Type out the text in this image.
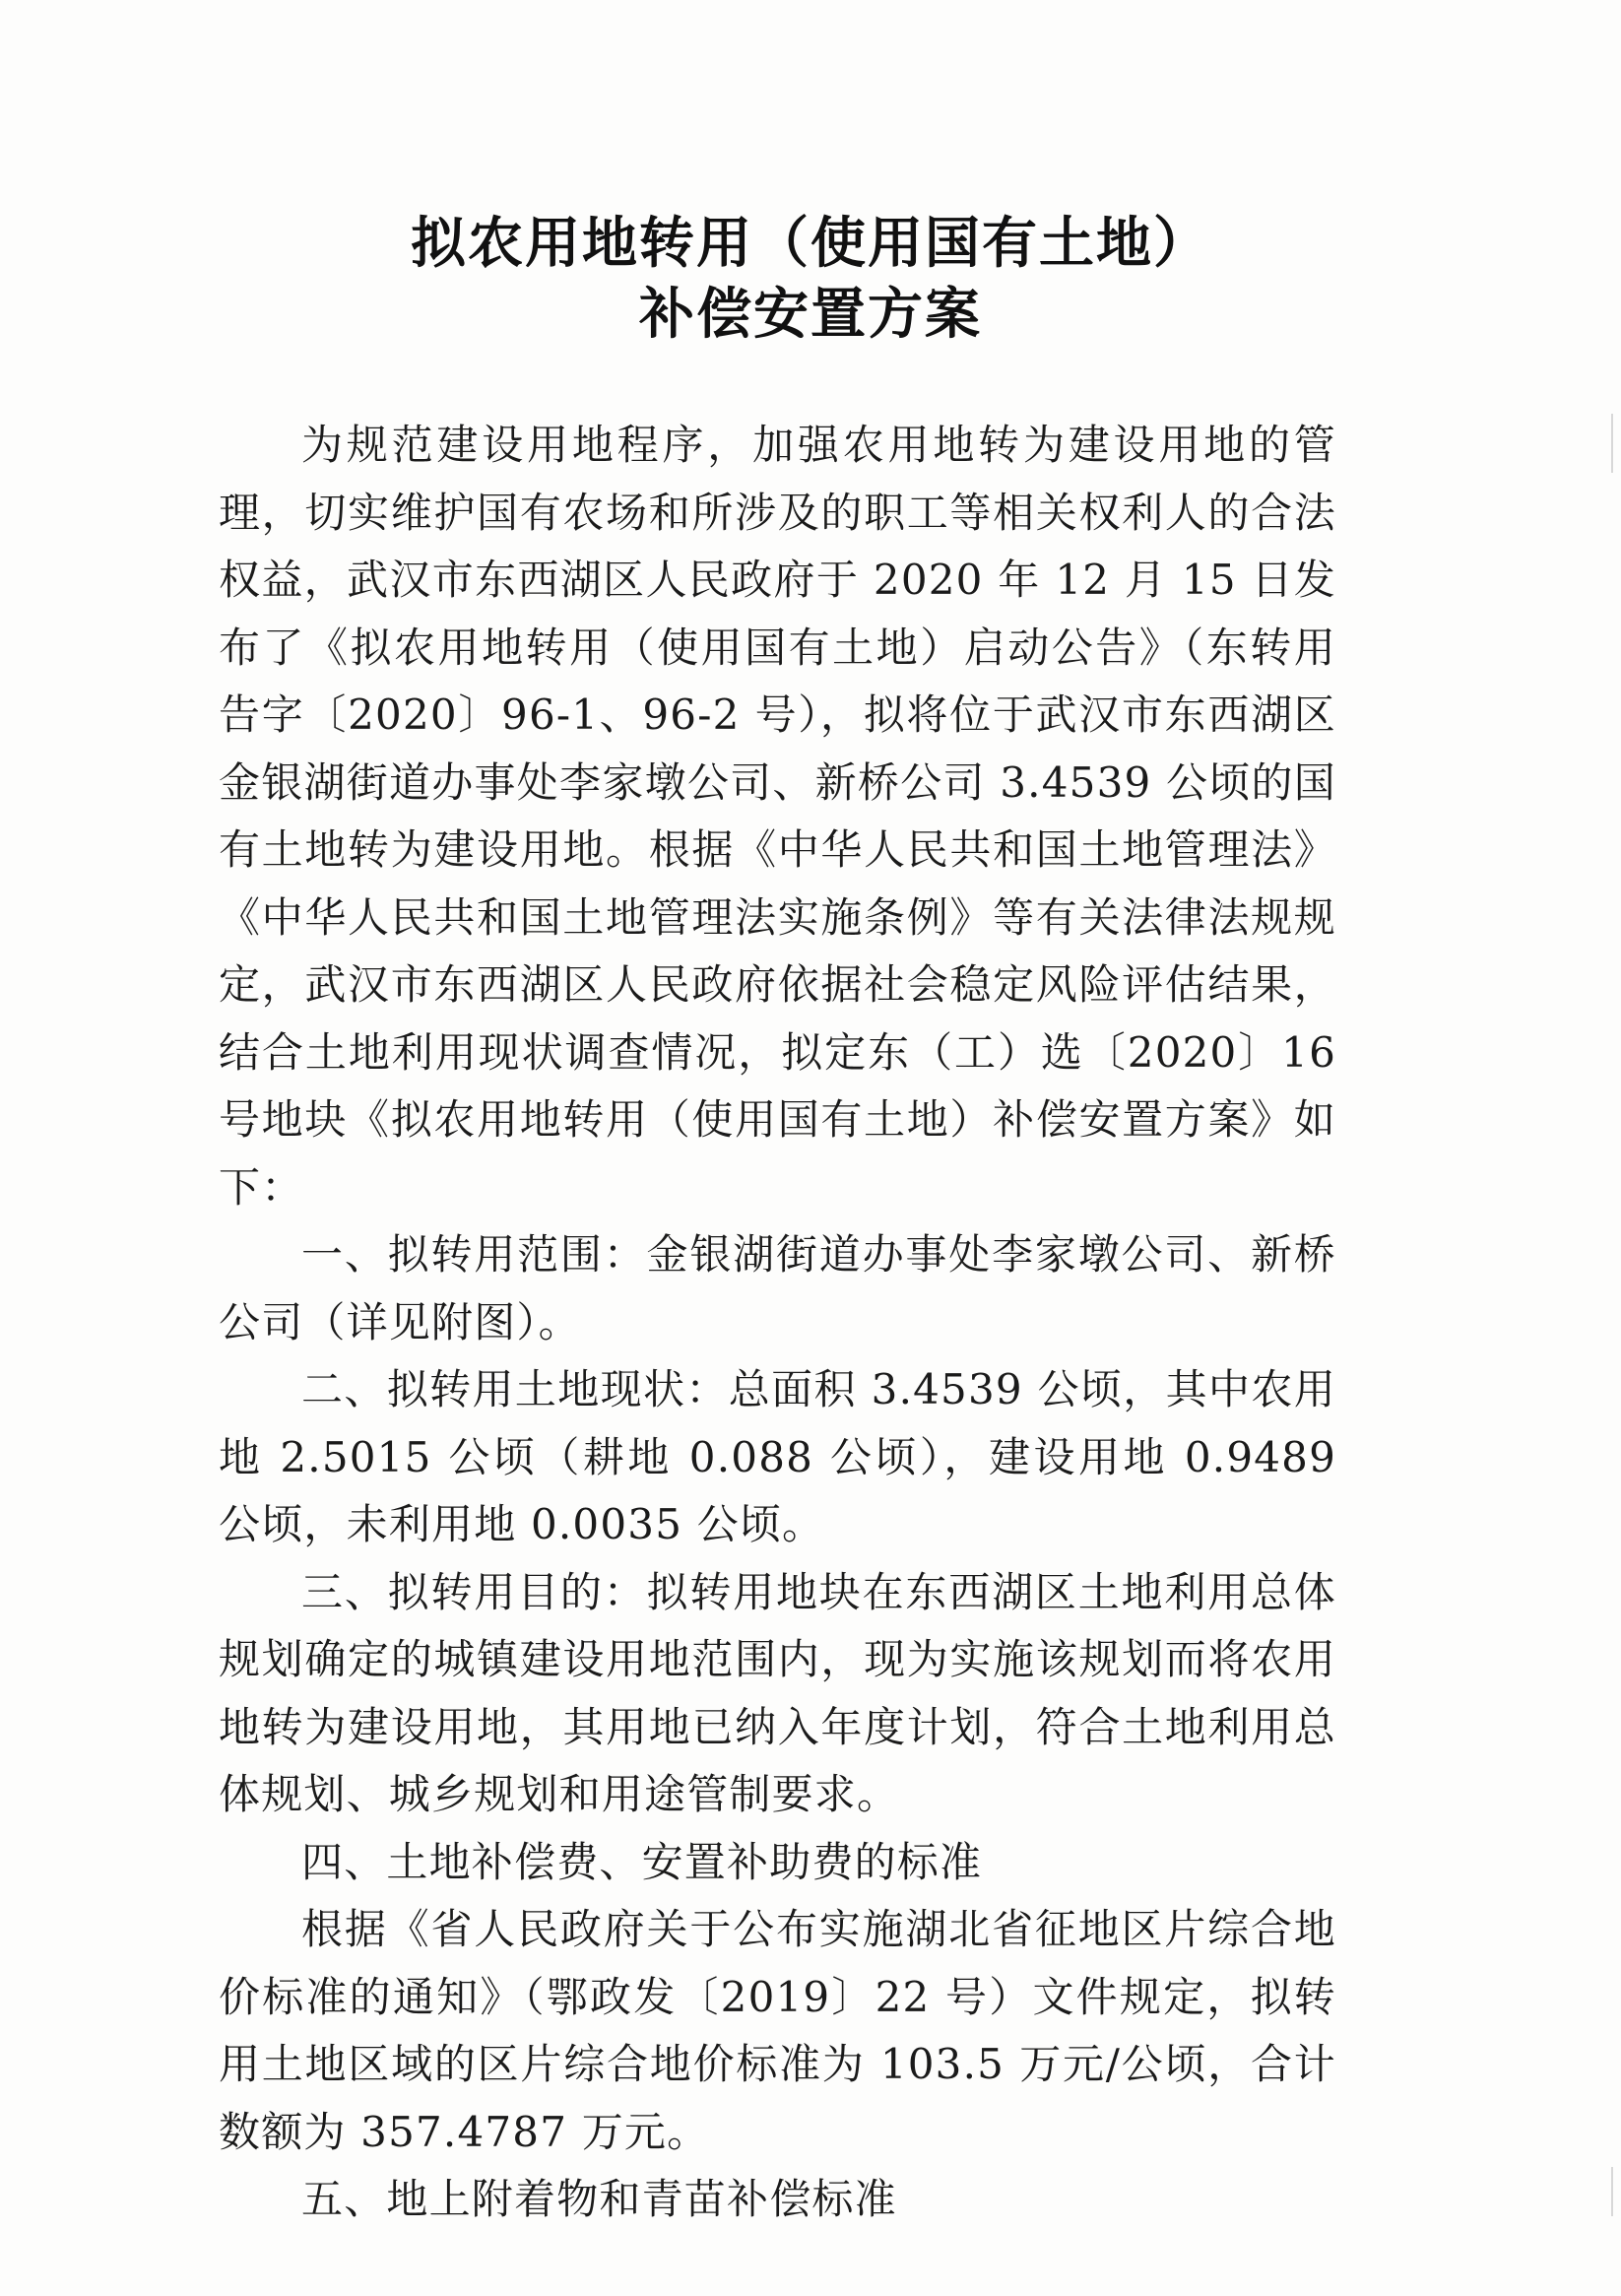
拟农用地转用（使用国有土地）
补偿安置方案

为规范建设用地程序，加强农用地转为建设用地的管理，切实维护国有农场和所涉及的职工等相关权利人的合法权益，武汉市东西湖区人民政府于 2020 年 12 月 15 日发布了《拟农用地转用（使用国有土地）启动公告》（东转用告字〔2020〕96-1、96-2 号），拟将位于武汉市东西湖区金银湖街道办事处李家墩公司、新桥公司 3.4539 公顷的国有土地转为建设用地。根据《中华人民共和国土地管理法》《中华人民共和国土地管理法实施条例》等有关法律法规规定，武汉市东西湖区人民政府依据社会稳定风险评估结果，结合土地利用现状调查情况，拟定东（工）选〔2020〕16 号地块《拟农用地转用（使用国有土地）补偿安置方案》如下：

一、拟转用范围：金银湖街道办事处李家墩公司、新桥公司（详见附图）。

二、拟转用土地现状：总面积 3.4539 公顷，其中农用地 2.5015 公顷（耕地 0.088 公顷），建设用地 0.9489 公顷，未利用地 0.0035 公顷。

三、拟转用目的：拟转用地块在东西湖区土地利用总体规划确定的城镇建设用地范围内，现为实施该规划而将农用地转为建设用地，其用地已纳入年度计划，符合土地利用总体规划、城乡规划和用途管制要求。

四、土地补偿费、安置补助费的标准

根据《省人民政府关于公布实施湖北省征地区片综合地价标准的通知》（鄂政发〔2019〕22 号）文件规定，拟转用土地区域的区片综合地价标准为 103.5 万元/公顷，合计数额为 357.4787 万元。

五、地上附着物和青苗补偿标准
